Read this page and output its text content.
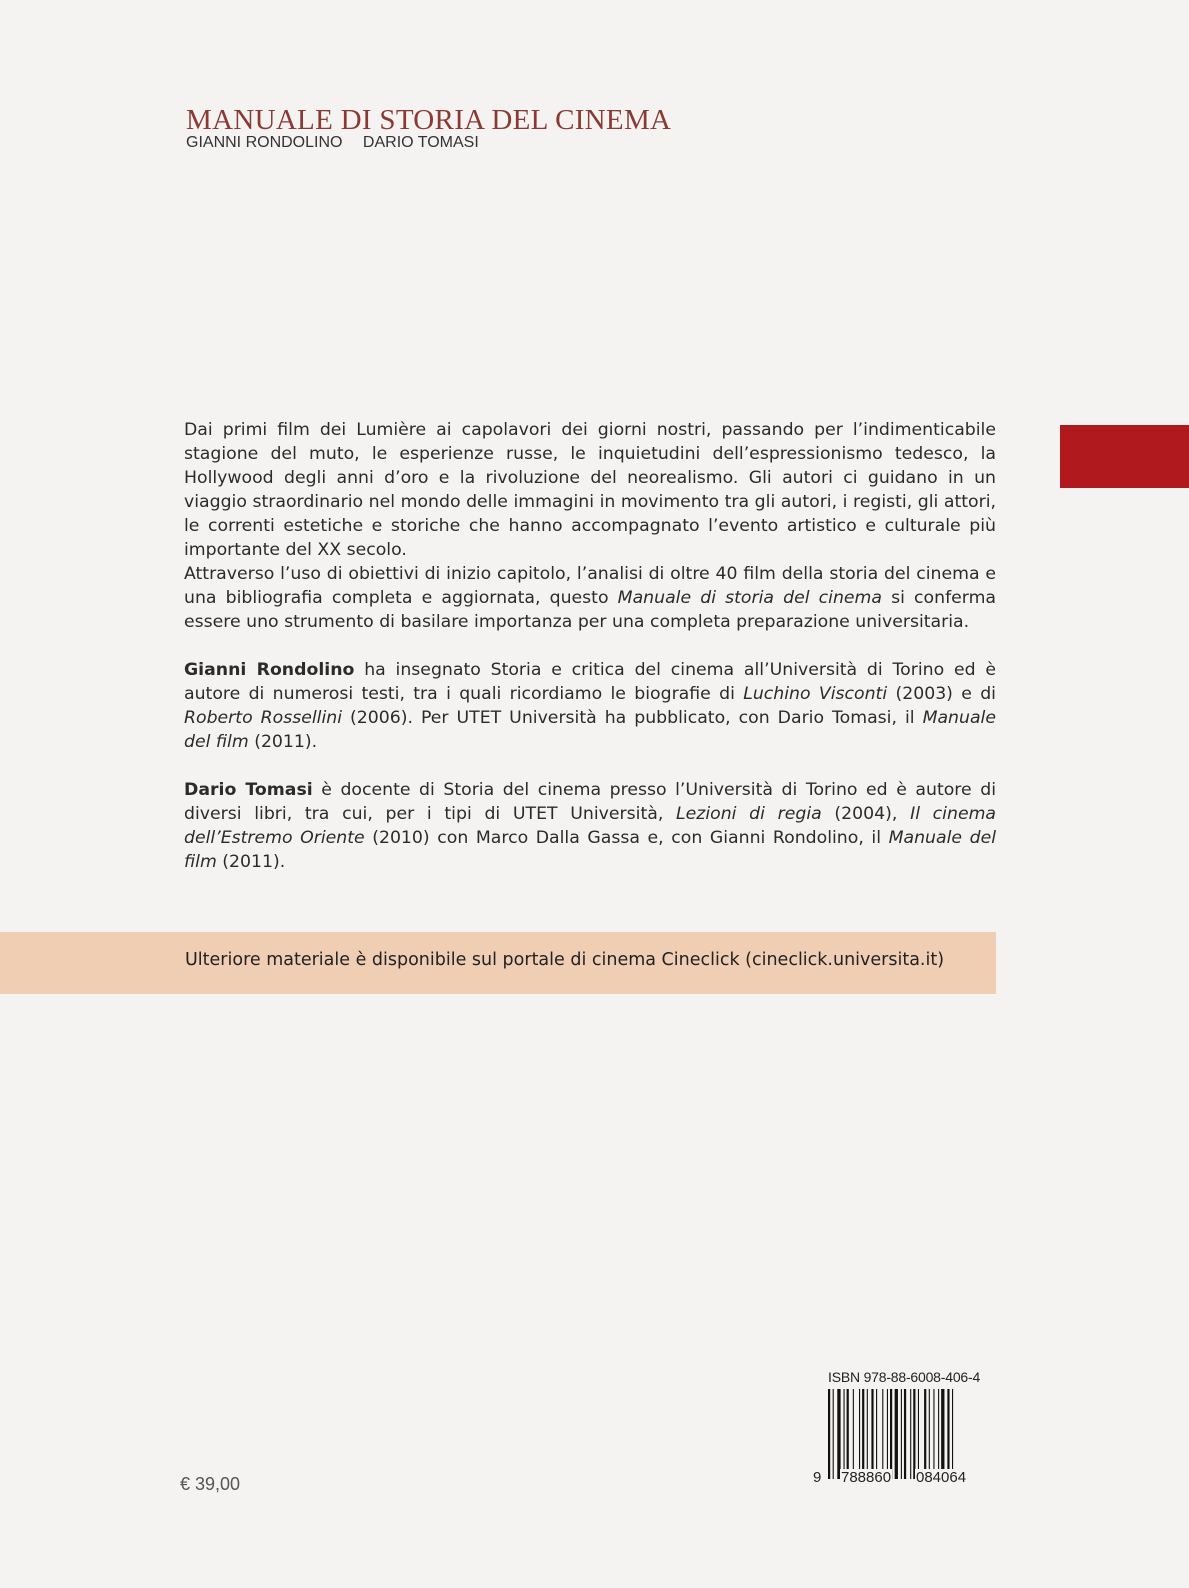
MANUALE DI STORIA DEL CINEMA
GIANNI RONDOLINO DARIO TOMASI

Dai primi film dei Lumière ai capolavori dei giorni nostri, passando per l’indimenticabile stagione del muto, le esperienze russe, le inquietudini dell’espressionismo tedesco, la Hollywood degli anni d’oro e la rivoluzione del neorealismo. Gli autori ci guidano in un viaggio straordinario nel mondo delle immagini in movimento tra gli autori, i registi, gli attori, le correnti estetiche e storiche che hanno accompagnato l’evento artistico e culturale più importante del XX secolo.

Attraverso l’uso di obiettivi di inizio capitolo, l’analisi di oltre 40 film della storia del cinema e una bibliografia completa e aggiornata, questo Manuale di storia del cinema si conferma essere uno strumento di basilare importanza per una completa preparazione universitaria.

Gianni Rondolino ha insegnato Storia e critica del cinema all’Università di Torino ed è autore di numerosi testi, tra i quali ricordiamo le biografie di Luchino Visconti (2003) e di Roberto Rossellini (2006). Per UTET Università ha pubblicato, con Dario Tomasi, il Manuale del film (2011).

Dario Tomasi è docente di Storia del cinema presso l’Università di Torino ed è autore di diversi libri, tra cui, per i tipi di UTET Università, Lezioni di regia (2004), Il cinema dell’Estremo Oriente (2010) con Marco Dalla Gassa e, con Gianni Rondolino, il Manuale del film (2011).

Ulteriore materiale è disponibile sul portale di cinema Cineclick (cineclick.universita.it)
€ 39,00
ISBN 978-88-6008-406-4
9 788860 084064
